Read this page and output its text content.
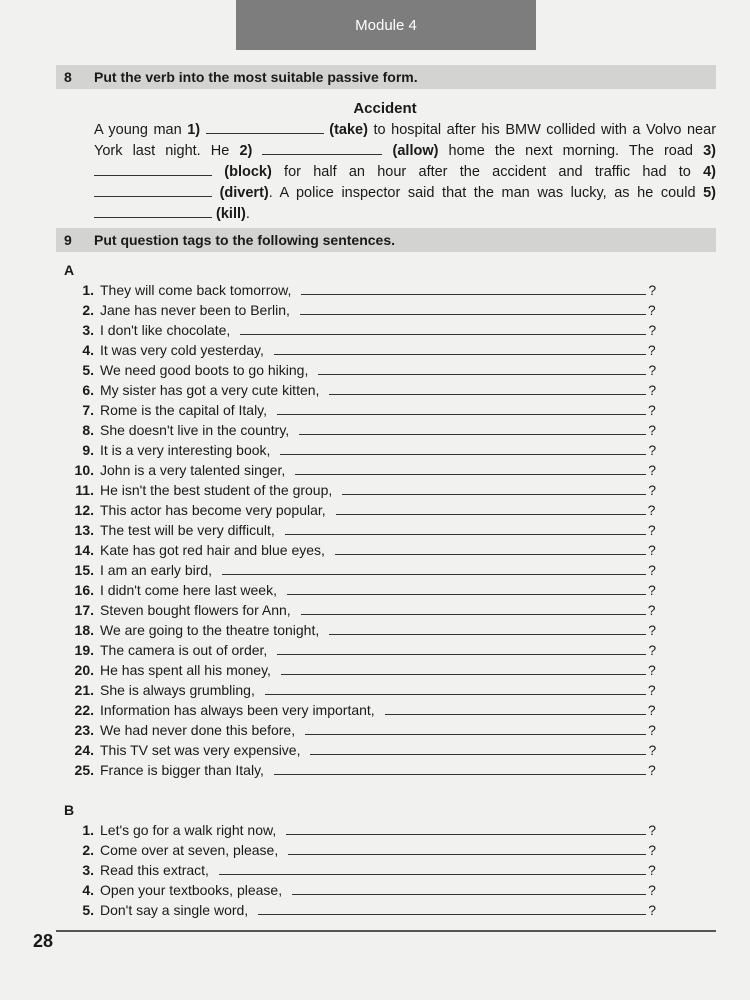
Module 4
8	Put the verb into the most suitable passive form.
Accident
A young man 1)	(take) to hospital after his BMW collided with a Volvo near York last night. He 2)	(allow) home the next morning. The road 3)  (block) for half an hour after the accident and traffic had to 4)  (divert). A police inspector said that the man was lucky, as he could 5)  (kill).
9	Put question tags to the following sentences.
A
1. They will come back tomorrow,	?
2. Jane has never been to Berlin,	?
3. I don't like chocolate,	?
4. It was very cold yesterday,	?
5. We need good boots to go hiking,	?
6. My sister has got a very cute kitten,	?
7. Rome is the capital of Italy,	?
8. She doesn't live in the country,	?
9. It is a very interesting book,	?
10. John is a very talented singer,	?
11. He isn't the best student of the group,	?
12. This actor has become very popular,	?
13. The test will be very difficult,	?
14. Kate has got red hair and blue eyes,	?
15. I am an early bird,	?
16. I didn't come here last week,	?
17. Steven bought flowers for Ann,	?
18. We are going to the theatre tonight,	?
19. The camera is out of order,	?
20. He has spent all his money,	?
21. She is always grumbling,	?
22. Information has always been very important,	?
23. We had never done this before,	?
24. This TV set was very expensive,	?
25. France is bigger than Italy,	?
B
1. Let's go for a walk right now,	?
2. Come over at seven, please,	?
3. Read this extract,	?
4. Open your textbooks, please,	?
5. Don't say a single word,	?
28
